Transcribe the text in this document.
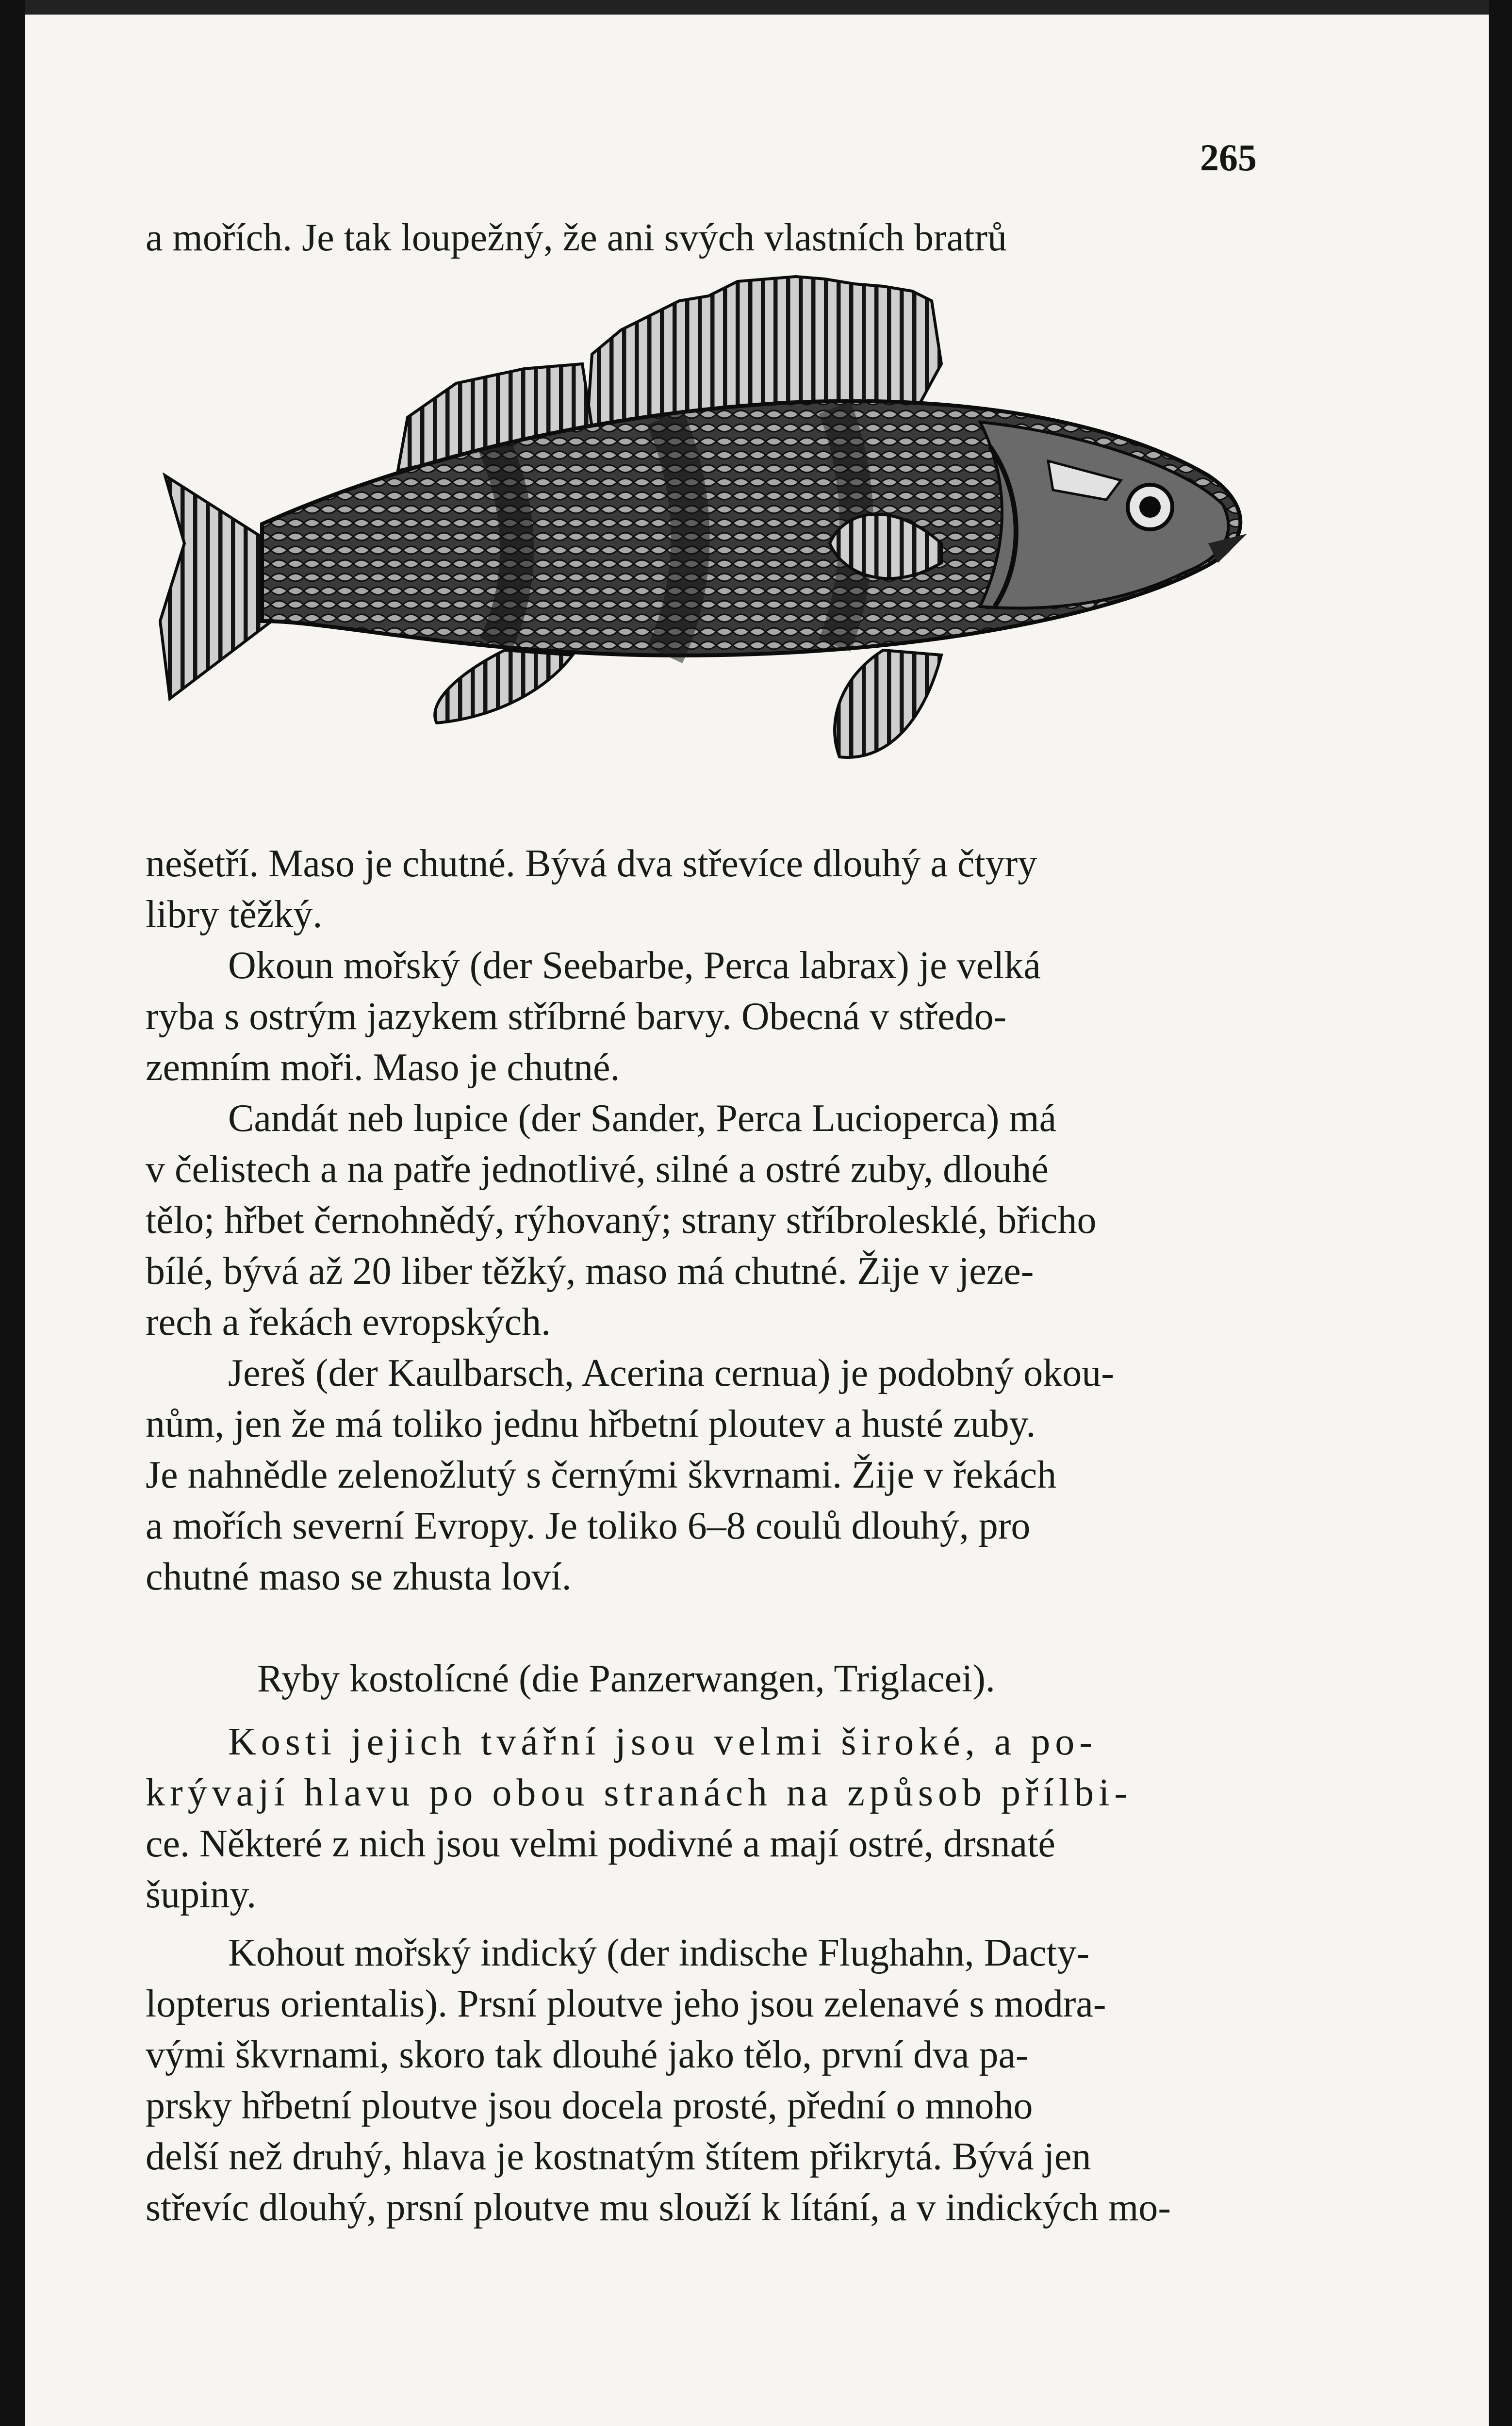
265
a mořích. Je tak loupežný, že ani svých vlastních bratrů
nešetří. Maso je chutné. Bývá dva střevíce dlouhý a čtyry
libry těžký.
Okoun mořský (der Seebarbe, Perca labrax) je velká
ryba s ostrým jazykem stříbrné barvy. Obecná v středo-
zemním moři. Maso je chutné.
Candát neb lupice (der Sander, Perca Lucioperca) má
v čelistech a na patře jednotlivé, silné a ostré zuby, dlouhé
tělo; hřbet černohnědý, rýhovaný; strany stříbrolesklé, břicho
bílé, bývá až 20 liber těžký, maso má chutné. Žije v jeze-
rech a řekách evropských.
Jereš (der Kaulbarsch, Acerina cernua) je podobný okou-
nům, jen že má toliko jednu hřbetní ploutev a husté zuby.
Je nahnědle zelenožlutý s černými škvrnami. Žije v řekách
a mořích severní Evropy. Je toliko 6–8 coulů dlouhý, pro
chutné maso se zhusta loví.
Ryby kostolícné (die Panzerwangen, Triglacei).
Kosti jejich tvářní jsou velmi široké, a po-
krývají hlavu po obou stranách na způsob přílbi-
ce. Některé z nich jsou velmi podivné a mají ostré, drsnaté
šupiny.
Kohout mořský indický (der indische Flughahn, Dacty-
lopterus orientalis). Prsní ploutve jeho jsou zelenavé s modra-
vými škvrnami, skoro tak dlouhé jako tělo, první dva pa-
prsky hřbetní ploutve jsou docela prosté, přední o mnoho
delší než druhý, hlava je kostnatým štítem přikrytá. Bývá jen
střevíc dlouhý, prsní ploutve mu slouží k lítání, a v indických mo-
